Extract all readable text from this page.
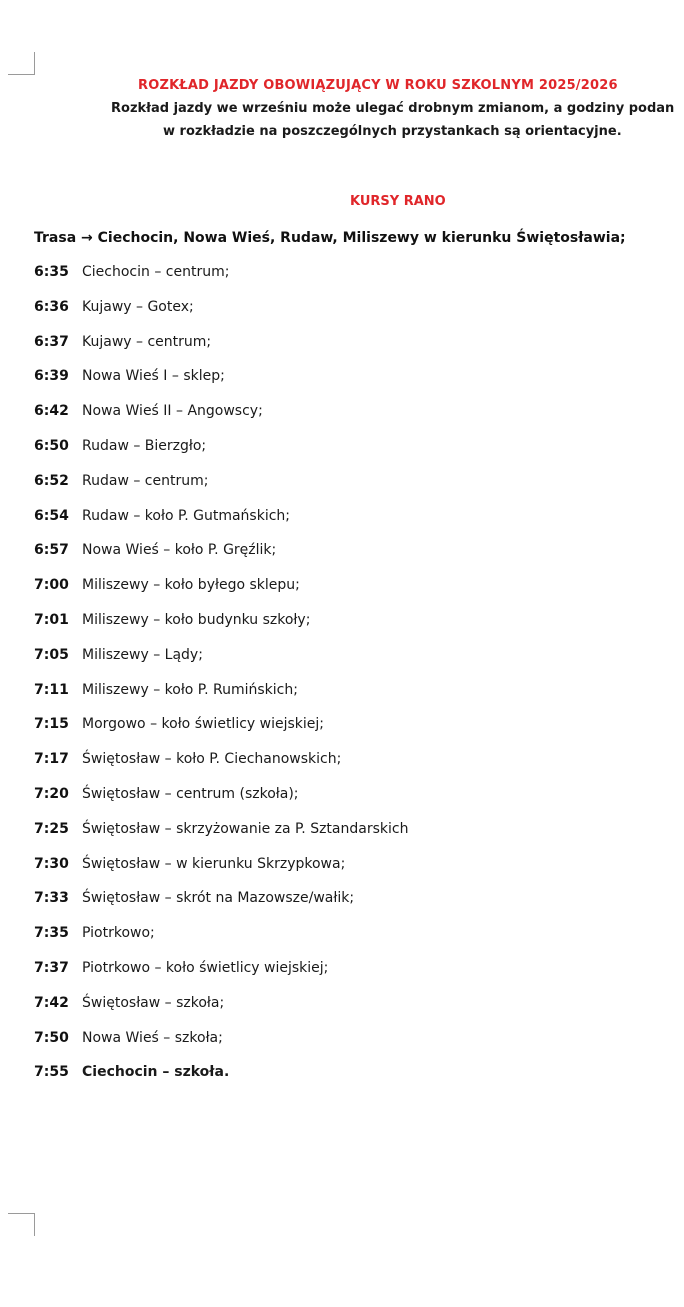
ROZKŁAD JAZDY OBOWIĄZUJĄCY W ROKU SZKOLNYM 2025/2026
Rozkład jazdy we wrześniu może ulegać drobnym zmianom, a godziny podan
w rozkładzie na poszczególnych przystankach są orientacyjne.
KURSY RANO
Trasa → Ciechocin, Nowa Wieś, Rudaw, Miliszewy w kierunku Świętosławia;
6:35 Ciechocin – centrum;
6:36 Kujawy – Gotex;
6:37 Kujawy – centrum;
6:39 Nowa Wieś I – sklep;
6:42 Nowa Wieś II – Angowscy;
6:50 Rudaw – Bierzgło;
6:52 Rudaw – centrum;
6:54 Rudaw – koło P. Gutmańskich;
6:57 Nowa Wieś – koło P. Gręźlik;
7:00 Miliszewy – koło byłego sklepu;
7:01 Miliszewy – koło budynku szkoły;
7:05 Miliszewy – Lądy;
7:11 Miliszewy – koło P. Rumińskich;
7:15 Morgowo – koło świetlicy wiejskiej;
7:17 Świętosław – koło P. Ciechanowskich;
7:20 Świętosław – centrum (szkoła);
7:25 Świętosław – skrzyżowanie za P. Sztandarskich
7:30 Świętosław – w kierunku Skrzypkowa;
7:33 Świętosław – skrót na Mazowsze/wałik;
7:35 Piotrkowo;
7:37 Piotrkowo – koło świetlicy wiejskiej;
7:42 Świętosław – szkoła;
7:50 Nowa Wieś – szkoła;
7:55 Ciechocin – szkoła.
